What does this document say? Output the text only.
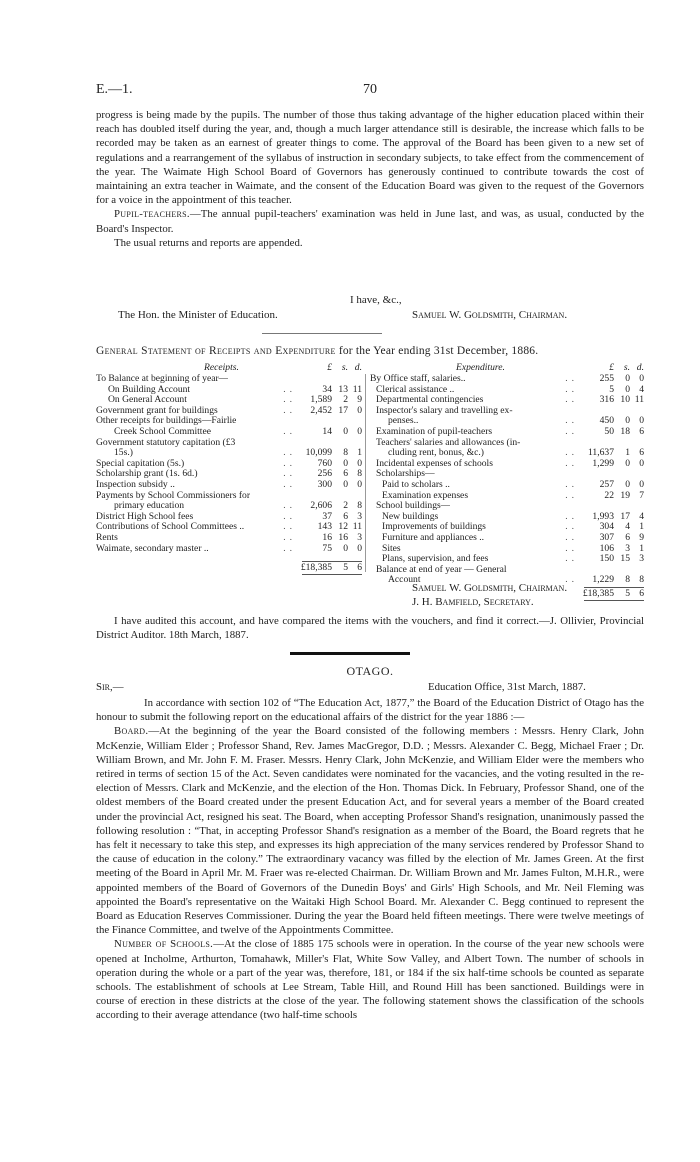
E.—1.	70

progress is being made by the pupils. The number of those thus taking advantage of the higher education placed within their reach has doubled itself during the year, and, though a much larger attendance still is desirable, the increase which falls to be recorded may be taken as an earnest of greater things to come. The approval of the Board has been given to a new set of regulations and a rearrangement of the syllabus of instruction in secondary subjects, to take effect from the commencement of the year. The Waimate High School Board of Governors has generously continued to contribute towards the cost of maintaining an extra teacher in Waimate, and the consent of the Education Board was given to the request of the Governors for a voice in the appointment of this teacher.

Pupil-teachers.—The annual pupil-teachers' examination was held in June last, and was, as usual, conducted by the Board's Inspector.

The usual returns and reports are appended.

I have, &c.,
The Hon. the Minister of Education.	Samuel W. Goldsmith, Chairman.
General Statement of Receipts and Expenditure for the Year ending 31st December, 1886.
Receipts.	£	s. d.
To Balance at beginning of year—
On Building Account	..	34 13 11
On General Account	..	1,589	2 9
Government grant for buildings	..	2,452 17 0
Other receipts for buildings—Fairlie
Creek School Committee	..	14	0 0
Government statutory capitation (£3
15s.)	..	10,099	8 1
Special capitation (5s.)	..	760	0 0
Scholarship grant (1s. 6d.)	..	256	6 8
Inspection subsidy ..	..	300	0 0
Payments by School Commissioners for
primary education	..	2,606	2 8
District High School fees	..	37	6 3
Contributions of School Committees ..	..	143 12 11
Rents	..	16 16 3
Waimate, secondary master ..	..	75	0 0
£18,385	5 6
Expenditure.	£	s. d.
By Office staff, salaries..	..	255	0 0
Clerical assistance ..	..	5	0 4
Departmental contingencies	..	316 10 11
Inspector's salary and travelling ex-
penses..	..	450	0 0
Examination of pupil-teachers	..	50 18 6
Teachers' salaries and allowances (in-
cluding rent, bonus, &c.)	..	11,637	1 6
Incidental expenses of schools	..	1,299	0 0
Scholarships—
Paid to scholars ..	..	257	0 0
Examination expenses	..	22 19 7
School buildings—
New buildings	..	1,993 17 4
Improvements of buildings	..	304	4 1
Furniture and appliances ..	..	307	6 9
Sites	..	106	3 1
Plans, supervision, and fees	..	150 15 3
Balance at end of year — General
Account	..	1,229	8 8
£18,385	5 6
Samuel W. Goldsmith, Chairman.
J. H. Bamfield, Secretary.

I have audited this account, and have compared the items with the vouchers, and find it correct.—J. Ollivier, Provincial District Auditor. 18th March, 1887.

OTAGO.
Sir,—	Education Office, 31st March, 1887.

In accordance with section 102 of “The Education Act, 1877,” the Board of the Education District of Otago has the honour to submit the following report on the educational affairs of the district for the year 1886 :—

Board.—At the beginning of the year the Board consisted of the following members : Messrs. Henry Clark, John McKenzie, William Elder ; Professor Shand, Rev. James MacGregor, D.D. ; Messrs. Alexander C. Begg, Michael Fraer ; Dr. William Brown, and Mr. John F. M. Fraser. Messrs. Henry Clark, John McKenzie, and William Elder were the members who retired in terms of section 15 of the Act. Seven candidates were nominated for the vacancies, and the voting resulted in the re-election of Messrs. Clark and McKenzie, and the election of the Hon. Thomas Dick. In February, Professor Shand, one of the oldest members of the Board created under the present Education Act, and for several years a member of the Board created under the provincial Act, resigned his seat. The Board, when accepting Professor Shand's resignation, unanimously passed the following resolution : “That, in accepting Professor Shand's resignation as a member of the Board, the Board regrets that he has felt it necessary to take this step, and expresses its high appreciation of the many services rendered by Professor Shand to the cause of education in the colony.” The extraordinary vacancy was filled by the election of Mr. James Green. At the first meeting of the Board in April Mr. M. Fraer was re-elected Chairman. Dr. William Brown and Mr. James Fulton, M.H.R., were appointed members of the Board of Governors of the Dunedin Boys' and Girls' High Schools, and Mr. Neil Fleming was appointed the Board's representative on the Waitaki High School Board. Mr. Alexander C. Begg continued to represent the Board as Education Reserves Commissioner. During the year the Board held fifteen meetings. There were twelve meetings of the Finance Committee, and twelve of the Appointments Committee.

Number of Schools.—At the close of 1885 175 schools were in operation. In the course of the year new schools were opened at Incholme, Arthurton, Tomahawk, Miller's Flat, White Sow Valley, and Albert Town. The number of schools in operation during the whole or a part of the year was, therefore, 181, or 184 if the six half-time schools be counted as separate schools. The establishment of schools at Lee Stream, Table Hill, and Round Hill has been sanctioned. Buildings were in course of erection in these districts at the close of the year. The following statement shows the classification of the schools according to their average attendance (two half-time schools
